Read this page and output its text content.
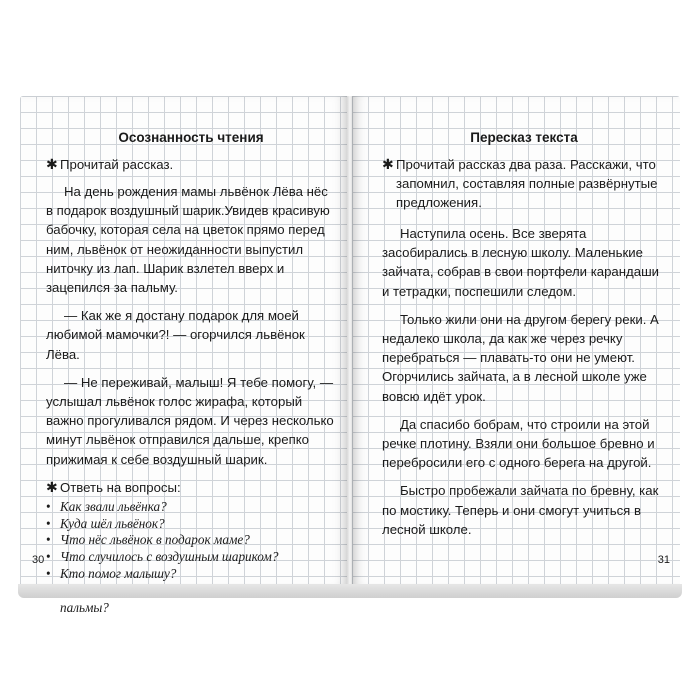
Осознанность чтения
✱ Прочитай рассказ.

На день рождения мамы львёнок Лёва нёс в подарок воздушный шарик.Увидев красивую бабочку, которая села на цветок прямо перед ним, львёнок от неожиданности выпустил ниточку из лап. Шарик взлетел вверх и зацепился за пальму.

— Как же я достану подарок для моей любимой мамочки?! — огорчился львёнок Лёва.

— Не переживай, малыш! Я тебе помогу, — услышал львёнок голос жирафа, который важно прогуливался рядом. И через несколько минут львёнок отправился дальше, крепко прижимая к себе воздушный шарик.

✱ Ответь на вопросы:
• Как звали львёнка?
• Куда шёл львёнок?
• Что нёс львёнок в подарок маме?
• Что случилось с воздушным шариком?
• Кто помог малышу?
пальмы?
30
Пересказ текста
✱ Прочитай рассказ два раза. Расскажи, что запомнил, составляя полные развёрнутые предложения.

Наступила осень. Все зверята засобирались в лесную школу. Маленькие зайчата, собрав в свои портфели карандаши и тетрадки, поспешили следом.

Только жили они на другом берегу реки. А недалеко школа, да как же через речку перебраться — плавать-то они не умеют. Огорчились зайчата, а в лесной школе уже вовсю идёт урок.

Да спасибо бобрам, что строили на этой речке плотину. Взяли они большое бревно и перебросили его с одного берега на другой.

Быстро пробежали зайчата по бревну, как по мостику. Теперь и они смогут учиться в лесной школе.

31
